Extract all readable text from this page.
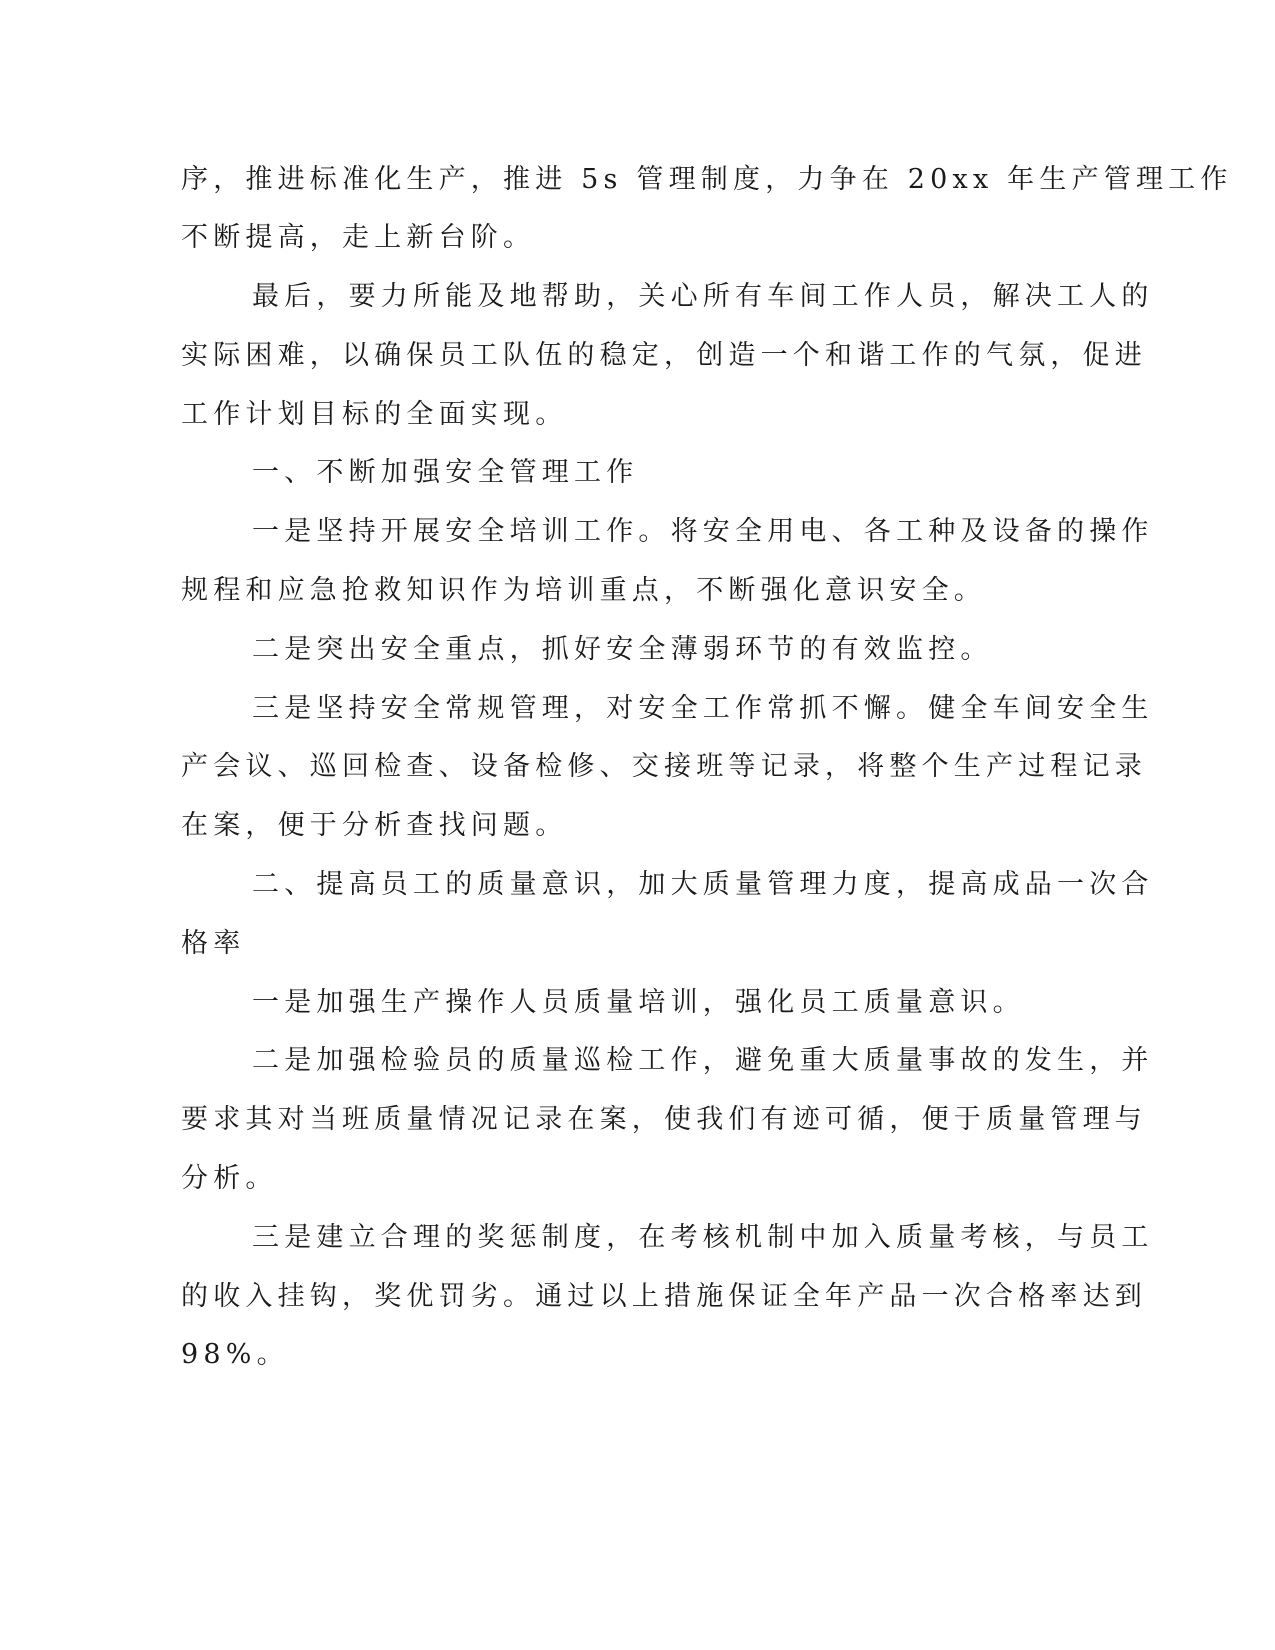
序，推进标准化生产，推进 5s 管理制度，力争在 20xx 年生产管理工作
不断提高，走上新台阶。
最后，要力所能及地帮助，关心所有车间工作人员，解决工人的
实际困难，以确保员工队伍的稳定，创造一个和谐工作的气氛，促进
工作计划目标的全面实现。
一、不断加强安全管理工作
一是坚持开展安全培训工作。将安全用电、各工种及设备的操作
规程和应急抢救知识作为培训重点，不断强化意识安全。
二是突出安全重点，抓好安全薄弱环节的有效监控。
三是坚持安全常规管理，对安全工作常抓不懈。健全车间安全生
产会议、巡回检查、设备检修、交接班等记录，将整个生产过程记录
在案，便于分析查找问题。
二、提高员工的质量意识，加大质量管理力度，提高成品一次合
格率
一是加强生产操作人员质量培训，强化员工质量意识。
二是加强检验员的质量巡检工作，避免重大质量事故的发生，并
要求其对当班质量情况记录在案，使我们有迹可循，便于质量管理与
分析。
三是建立合理的奖惩制度，在考核机制中加入质量考核，与员工
的收入挂钩，奖优罚劣。通过以上措施保证全年产品一次合格率达到
98%。
